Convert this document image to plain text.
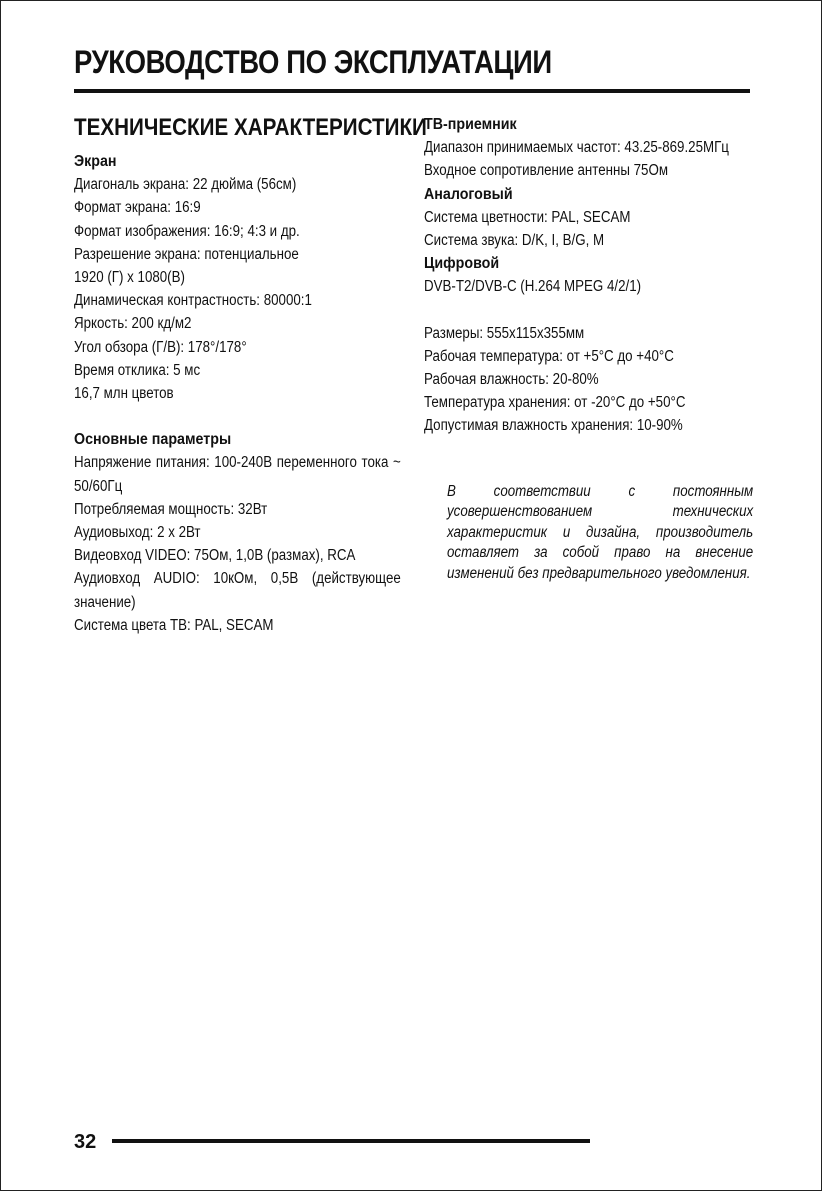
РУКОВОДСТВО ПО ЭКСПЛУАТАЦИИ
ТЕХНИЧЕСКИЕ ХАРАКТЕРИСТИКИ
Экран
Диагональ экрана: 22 дюйма (56см)
Формат экрана: 16:9
Формат изображения: 16:9; 4:3 и др.
Разрешение экрана: потенциальное
1920 (Г) х 1080(В)
Динамическая контрастность: 80000:1
Яркость: 200 кд/м2
Угол обзора (Г/В): 178°/178°
Время отклика: 5 мс
16,7 млн цветов
Основные параметры
Напряжение питания: 100-240В переменного тока ~ 50/60Гц
Потребляемая мощность: 32Вт
Аудиовыход: 2 х 2Вт
Видеовход VIDEO: 75Ом, 1,0В (размах), RCA
Аудиовход AUDIO: 10кОм, 0,5В (действующее значение)
Система цвета ТВ: PAL, SECAM
ТВ-приемник
Диапазон принимаемых частот: 43.25-869.25МГц
Входное сопротивление антенны 75Ом
Аналоговый
Система цветности: PAL, SECAM
Система звука: D/K, I, B/G, M
Цифровой
DVB-T2/DVB-C (H.264 MPEG 4/2/1)
Размеры: 555х115х355мм
Рабочая температура: от +5°С до +40°С
Рабочая влажность: 20-80%
Температура хранения: от -20°С до +50°С
Допустимая влажность хранения: 10-90%
В соответствии с постоянным усовершенствованием технических характеристик и дизайна, производитель оставляет за собой право на внесение изменений без предварительного уведомления.
32
